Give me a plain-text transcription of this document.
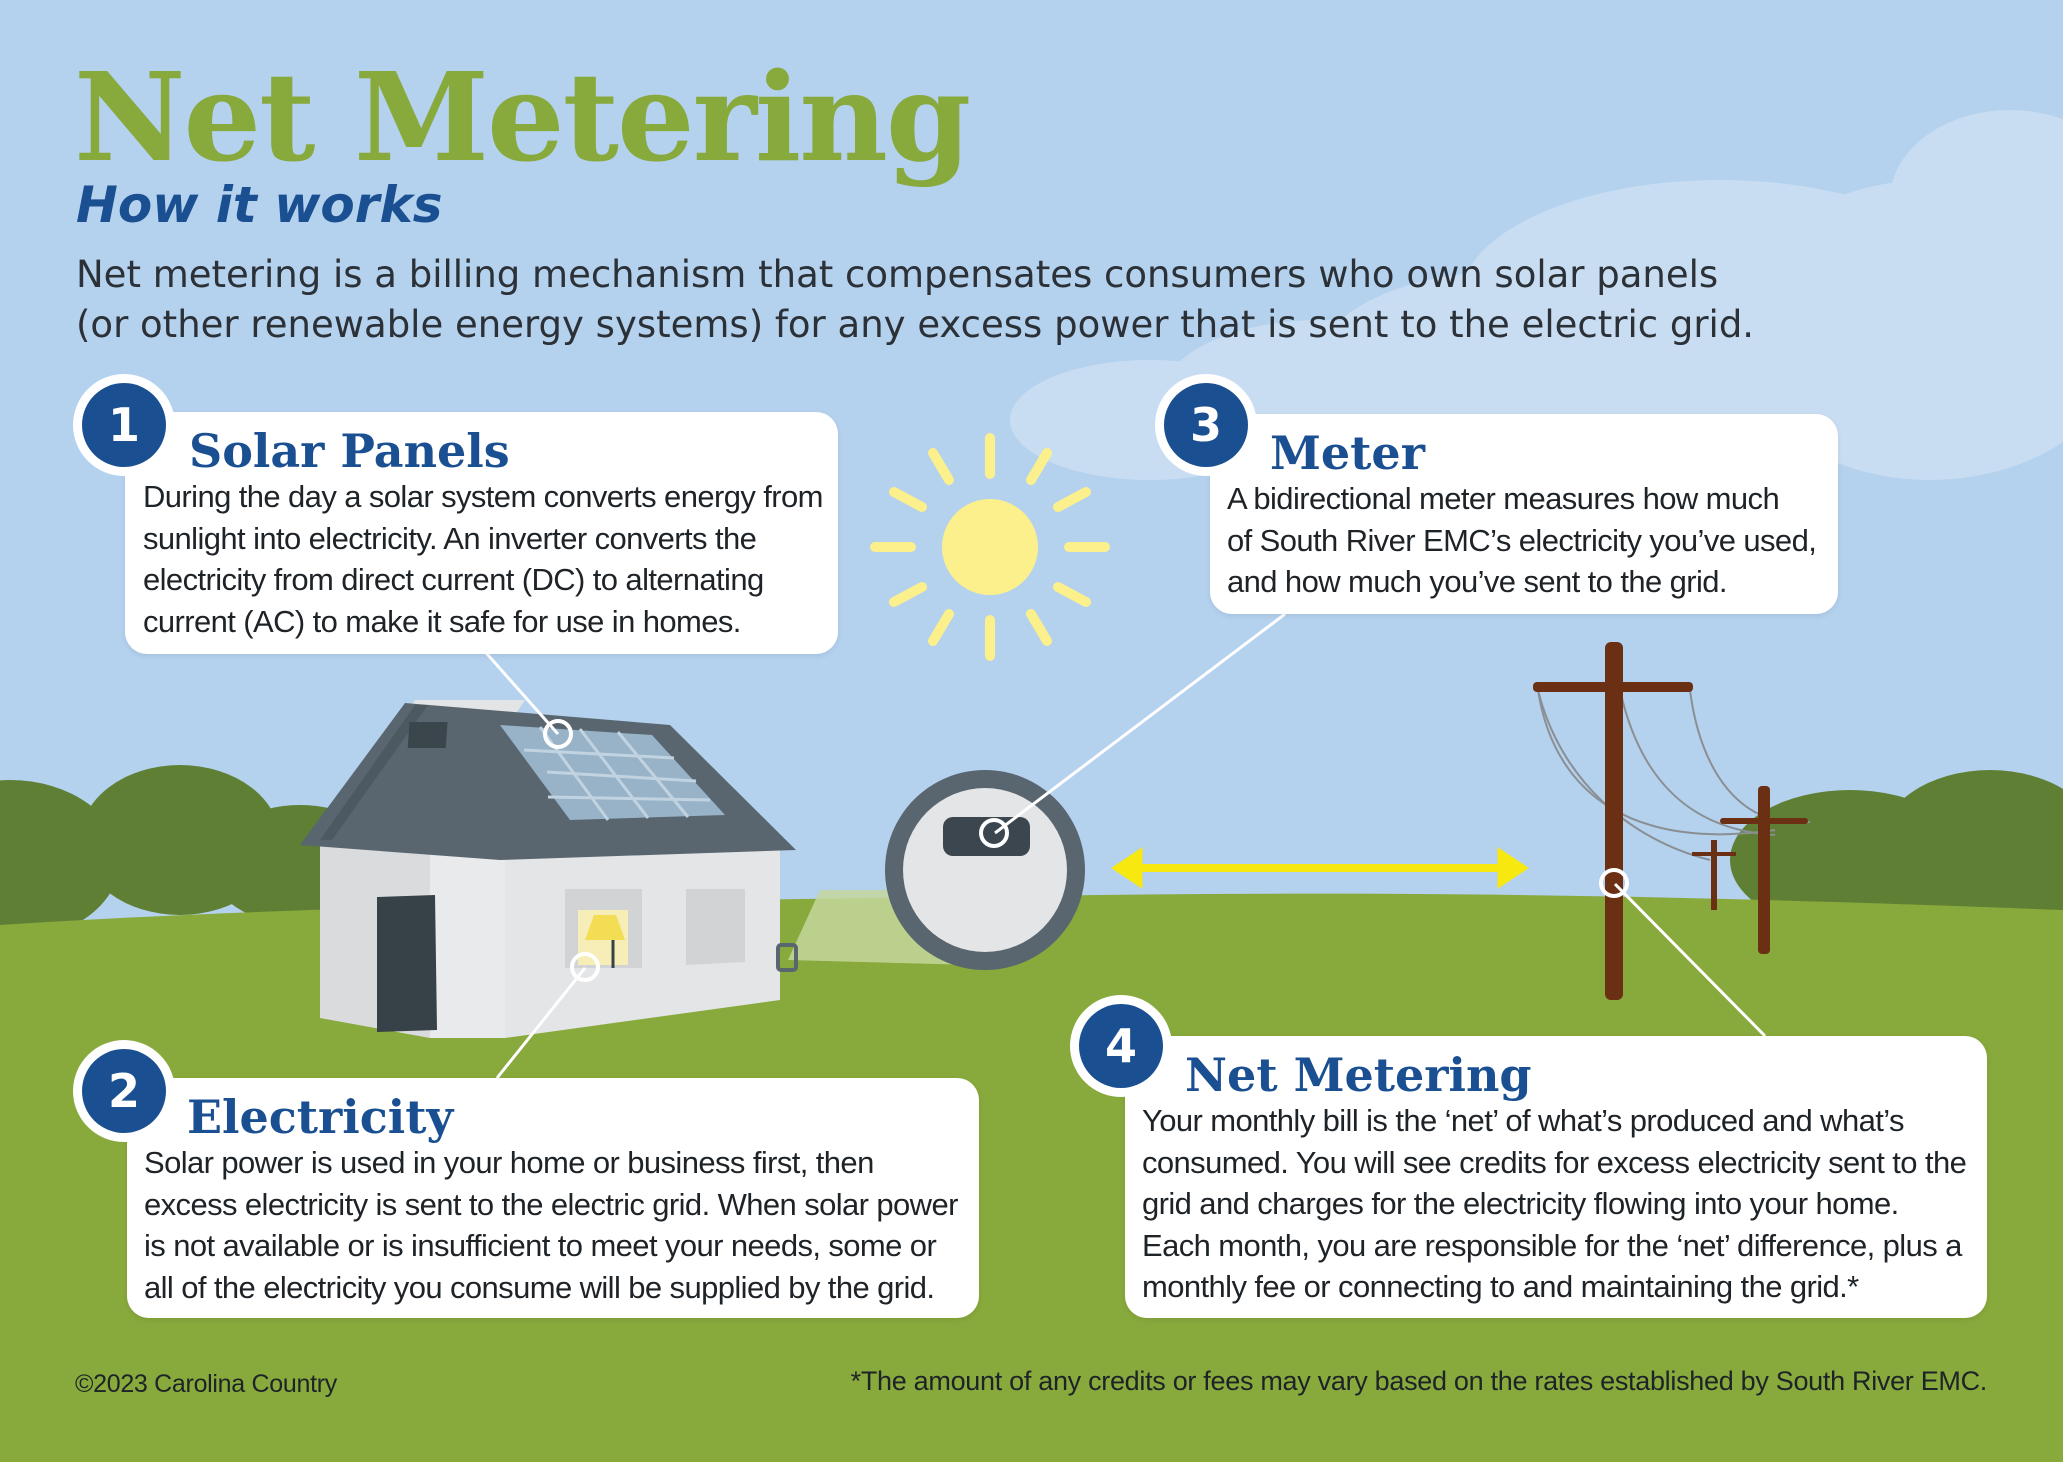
Net Metering
How it works

Net metering is a billing mechanism that compensates consumers who own solar panels
(or other renewable energy systems) for any excess power that is sent to the electric grid.

Solar Panels

During the day a solar system converts energy from
sunlight into electricity. An inverter converts the
electricity from direct current (DC) to alternating
current (AC) to make it safe for use in homes.

1
Electricity

Solar power is used in your home or business first, then
excess electricity is sent to the electric grid. When solar power
is not available or is insufficient to meet your needs, some or
all of the electricity you consume will be supplied by the grid.

2
Meter

A bidirectional meter measures how much
of South River EMC’s electricity you’ve used,
and how much you’ve sent to the grid.

3
Net Metering

Your monthly bill is the ‘net’ of what’s produced and what’s
consumed. You will see credits for excess electricity sent to the
grid and charges for the electricity flowing into your home.
Each month, you are responsible for the ‘net’ difference, plus a
monthly fee or connecting to and maintaining the grid.*

4

©2023 Carolina Country	*The amount of any credits or fees may vary based on the rates established by South River EMC.
